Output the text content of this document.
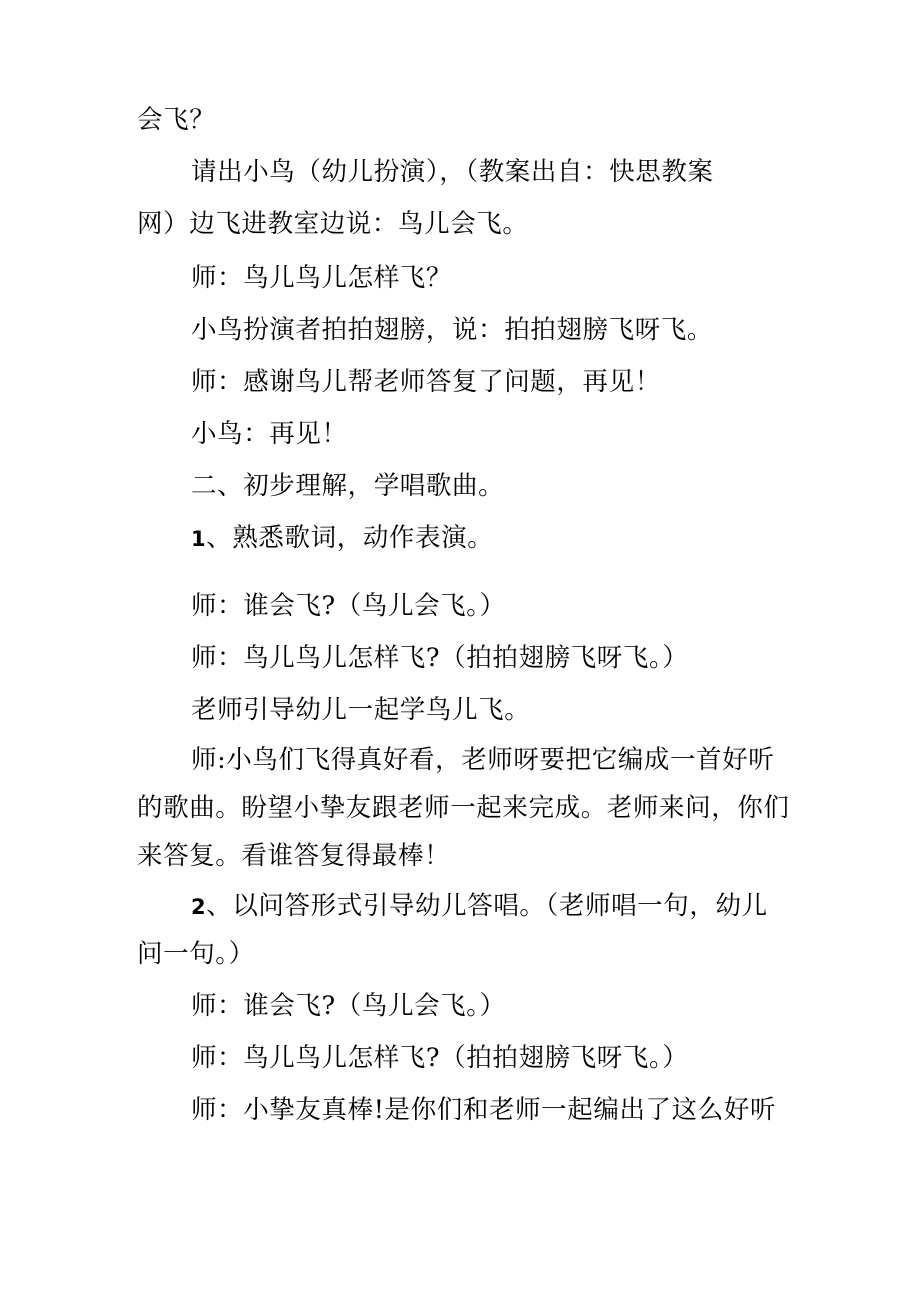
会飞？
请出小鸟（幼儿扮演），（教案出自：快思教案
网）边飞进教室边说：鸟儿会飞。
师：鸟儿鸟儿怎样飞？
小鸟扮演者拍拍翅膀，说：拍拍翅膀飞呀飞。
师：感谢鸟儿帮老师答复了问题，再见！
小鸟：再见！
二、初步理解，学唱歌曲。
1、熟悉歌词，动作表演。
师：谁会飞?（鸟儿会飞。）
师：鸟儿鸟儿怎样飞?（拍拍翅膀飞呀飞。）
老师引导幼儿一起学鸟儿飞。
师:小鸟们飞得真好看，老师呀要把它编成一首好听
的歌曲。盼望小挚友跟老师一起来完成。老师来问，你们
来答复。看谁答复得最棒！
2、以问答形式引导幼儿答唱。（老师唱一句，幼儿
问一句。）
师：谁会飞?（鸟儿会飞。）
师：鸟儿鸟儿怎样飞?（拍拍翅膀飞呀飞。）
师：小挚友真棒!是你们和老师一起编出了这么好听
